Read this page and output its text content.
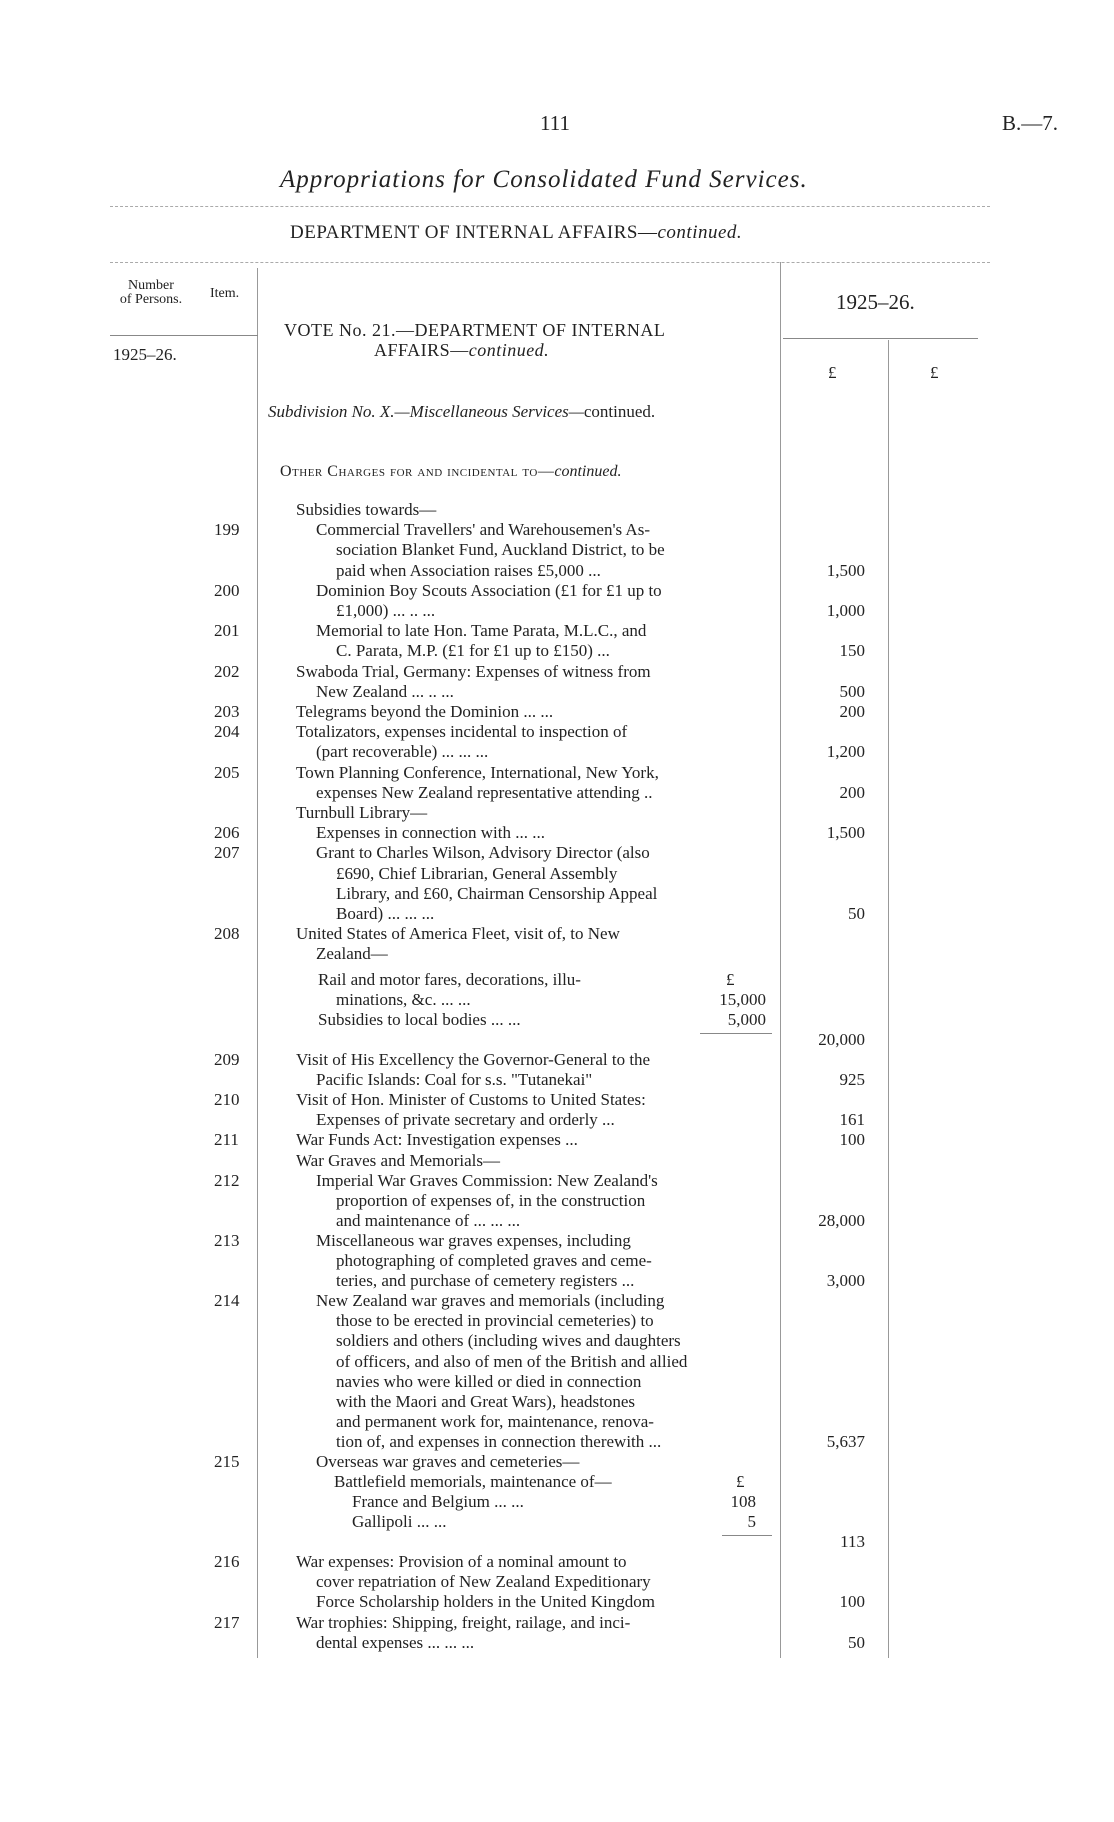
111	B.—7.
Appropriations for Consolidated Fund Services.
DEPARTMENT OF INTERNAL AFFAIRS—continued.
Number
of Persons.	Item.
1925–26.
1925–26.
£	£
VOTE No. 21.—DEPARTMENT OF INTERNAL
AFFAIRS—continued.
Subdivision No. X.—Miscellaneous Services—continued.
Other Charges for and incidental to—continued.
Subsidies towards—
199	Commercial Travellers' and Warehousemen's As-
sociation Blanket Fund, Auckland District, to be
paid when Association raises £5,000 ...	1,500
200	Dominion Boy Scouts Association (£1 for £1 up to
£1,000) ... .. ...	1,000
201	Memorial to late Hon. Tame Parata, M.L.C., and
C. Parata, M.P. (£1 for £1 up to £150) ...	150
202	Swaboda Trial, Germany: Expenses of witness from
New Zealand ... .. ...	500
203	Telegrams beyond the Dominion ... ...	200
204	Totalizators, expenses incidental to inspection of
(part recoverable) ... ... ...	1,200
205	Town Planning Conference, International, New York,
expenses New Zealand representative attending ..	200
Turnbull Library—
206	Expenses in connection with ... ...	1,500
207	Grant to Charles Wilson, Advisory Director (also
£690, Chief Librarian, General Assembly
Library, and £60, Chairman Censorship Appeal
Board) ... ... ...	50
208	United States of America Fleet, visit of, to New
Zealand—
Rail and motor fares, decorations, illu-	£
minations, &c. ... ...	15,000
Subsidies to local bodies ... ...	5,000
20,000
209	Visit of His Excellency the Governor-General to the
Pacific Islands: Coal for s.s. "Tutanekai"	925
210	Visit of Hon. Minister of Customs to United States:
Expenses of private secretary and orderly ...	161
211	War Funds Act: Investigation expenses ...	100
War Graves and Memorials—
212	Imperial War Graves Commission: New Zealand's
proportion of expenses of, in the construction
and maintenance of ... ... ...	28,000
213	Miscellaneous war graves expenses, including
photographing of completed graves and ceme-
teries, and purchase of cemetery registers ...	3,000
214	New Zealand war graves and memorials (including
those to be erected in provincial cemeteries) to
soldiers and others (including wives and daughters
of officers, and also of men of the British and allied
navies who were killed or died in connection
with the Maori and Great Wars), headstones
and permanent work for, maintenance, renova-
tion of, and expenses in connection therewith ...	5,637
215	Overseas war graves and cemeteries—
Battlefield memorials, maintenance of—	£
France and Belgium ... ...	108
Gallipoli ... ...	5
113
216	War expenses: Provision of a nominal amount to
cover repatriation of New Zealand Expeditionary
Force Scholarship holders in the United Kingdom	100
217	War trophies: Shipping, freight, railage, and inci-
dental expenses ... ... ...	50
